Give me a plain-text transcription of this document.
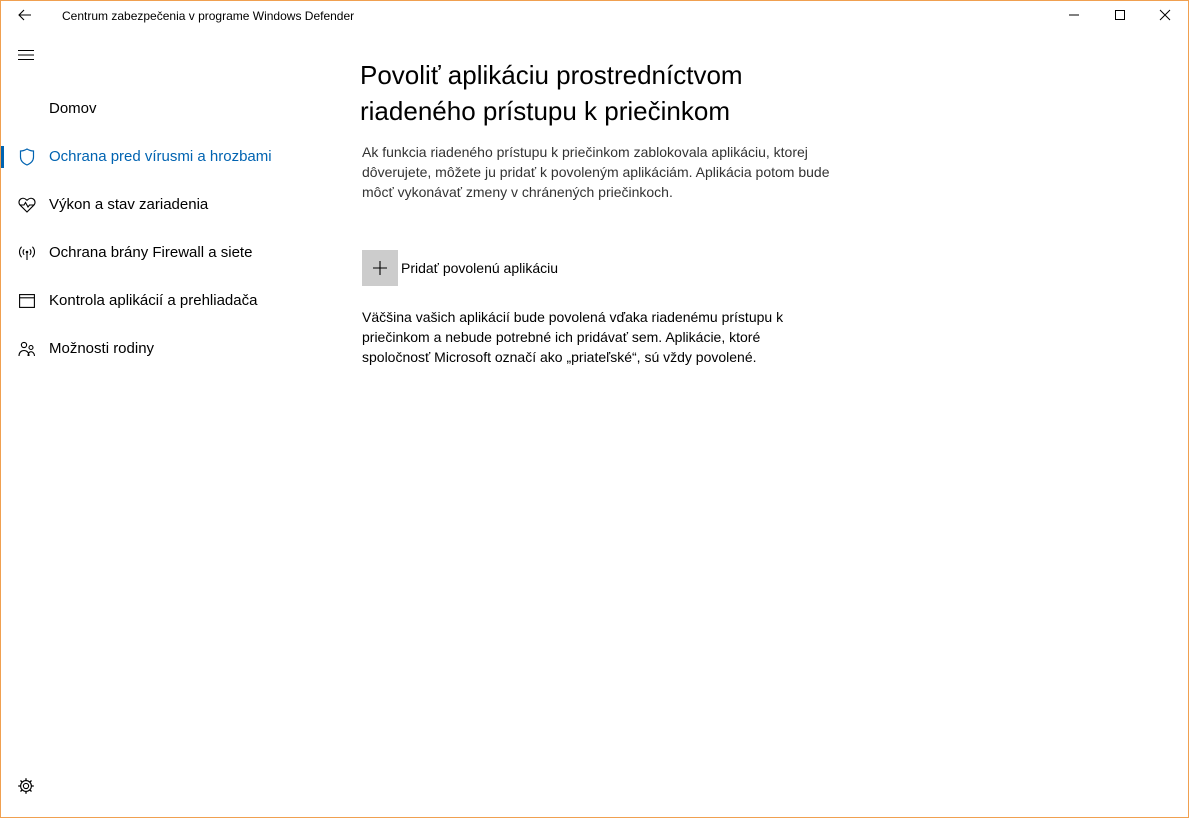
Centrum zabezpečenia v programe Windows Defender
Domov
Ochrana pred vírusmi a hrozbami
Výkon a stav zariadenia
Ochrana brány Firewall a siete
Kontrola aplikácií a prehliadača
Možnosti rodiny
Povoliť aplikáciu prostredníctvom riadeného prístupu k priečinkom
Ak funkcia riadeného prístupu k priečinkom zablokovala aplikáciu, ktorej dôverujete, môžete ju pridať k povoleným aplikáciám. Aplikácia potom bude môcť vykonávať zmeny v chránených priečinkoch.
Pridať povolenú aplikáciu
Väčšina vašich aplikácií bude povolená vďaka riadenému prístupu k priečinkom a nebude potrebné ich pridávať sem. Aplikácie, ktoré spoločnosť Microsoft označí ako „priateľské“, sú vždy povolené.
